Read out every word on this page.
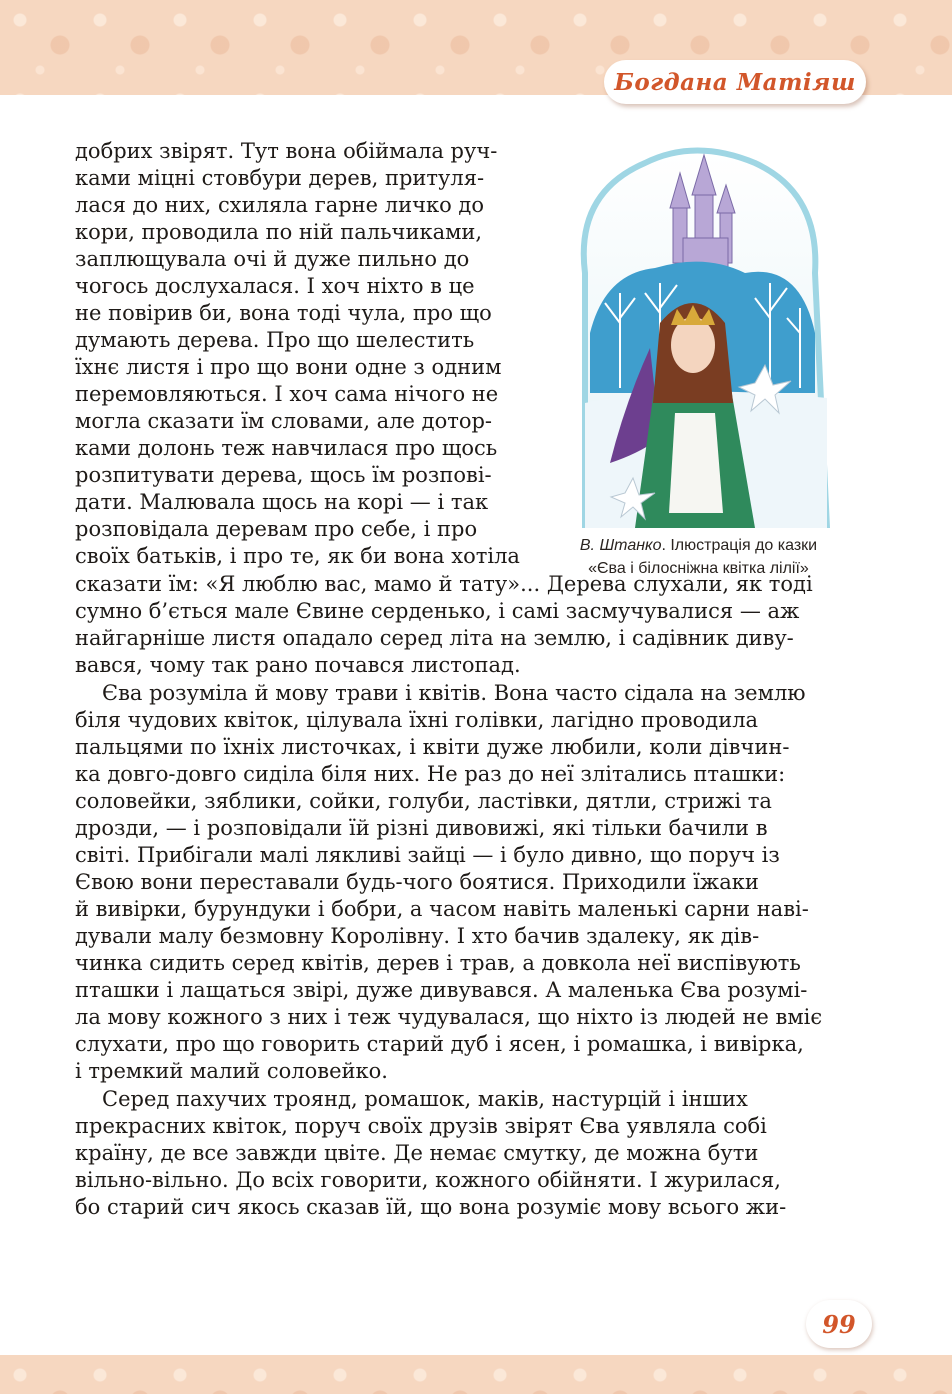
Богдана Матіяш
В. Штанко. Ілюстрація до казки
«Єва і білосніжна квітка лілії»
добрих звірят. Тут вона обіймала руч-
ками міцні стовбури дерев, притуля-
лася до них, схиляла гарне личко до
кори, проводила по ній пальчиками,
заплющувала очі й дуже пильно до
чогось дослухалася. І хоч ніхто в це
не повірив би, вона тоді чула, про що
думають дерева. Про що шелестить
їхнє листя і про що вони одне з одним
перемовляються. І хоч сама нічого не
могла сказати їм словами, але дотор-
ками долонь теж навчилася про щось
розпитувати дерева, щось їм розпові-
дати. Малювала щось на корі — і так
розповідала деревам про себе, і про
своїх батьків, і про те, як би вона хотіла
сказати їм: «Я люблю вас, мамо й тату»... Дерева слухали, як тоді
сумно б’ється мале Євине серденько, і самі засмучувалися — аж
найгарніше листя опадало серед літа на землю, і садівник диву-
вався, чому так рано почався листопад.
Єва розуміла й мову трави і квітів. Вона часто сідала на землю
біля чудових квіток, цілувала їхні голівки, лагідно проводила
пальцями по їхніх листочках, і квіти дуже любили, коли дівчин-
ка довго-довго сиділа біля них. Не раз до неї злітались пташки:
соловейки, зяблики, сойки, голуби, ластівки, дятли, стрижі та
дрозди, — і розповідали їй різні дивовижі, які тільки бачили в
світі. Прибігали малі лякливі зайці — і було дивно, що поруч із
Євою вони переставали будь-чого боятися. Приходили їжаки
й вивірки, бурундуки і бобри, а часом навіть маленькі сарни наві-
дували малу безмовну Королівну. І хто бачив здалеку, як дів-
чинка сидить серед квітів, дерев і трав, а довкола неї виспівують
пташки і лащаться звірі, дуже дивувався. А маленька Єва розумі-
ла мову кожного з них і теж чудувалася, що ніхто із людей не вміє
слухати, про що говорить старий дуб і ясен, і ромашка, і вивірка,
і тремкий малий соловейко.
Серед пахучих троянд, ромашок, маків, настурцій і інших
прекрасних квіток, поруч своїх друзів звірят Єва уявляла собі
країну, де все завжди цвіте. Де немає смутку, де можна бути
вільно-вільно. До всіх говорити, кожного обійняти. І журилася,
бо старий сич якось сказав їй, що вона розуміє мову всього жи-
99
